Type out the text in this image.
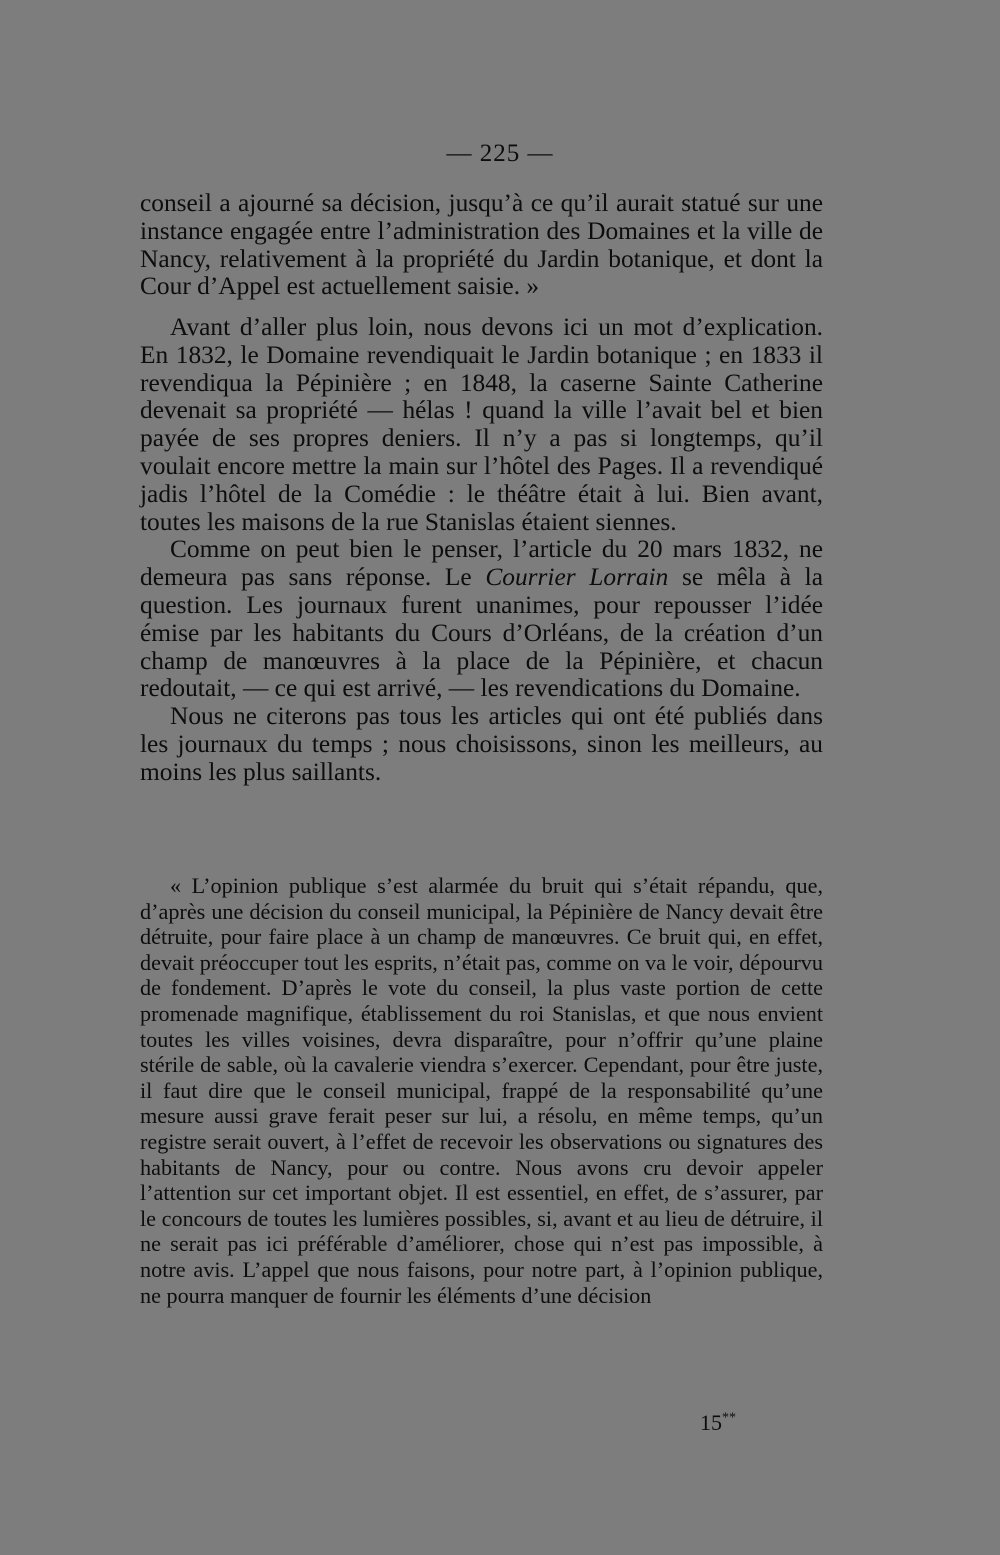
— 225 —

conseil a ajourné sa décision, jusqu’à ce qu’il aurait statué sur une instance engagée entre l’administration des Domaines et la ville de Nancy, relativement à la propriété du Jardin botanique, et dont la Cour d’Appel est actuellement saisie. »

Avant d’aller plus loin, nous devons ici un mot d’explication. En 1832, le Domaine revendiquait le Jardin botanique ; en 1833 il revendiqua la Pépinière ; en 1848, la caserne Sainte Catherine devenait sa propriété — hélas ! quand la ville l’avait bel et bien payée de ses propres deniers. Il n’y a pas si longtemps, qu’il voulait encore mettre la main sur l’hôtel des Pages. Il a revendiqué jadis l’hôtel de la Comédie : le théâtre était à lui. Bien avant, toutes les maisons de la rue Stanislas étaient siennes.

Comme on peut bien le penser, l’article du 20 mars 1832, ne demeura pas sans réponse. Le Courrier Lorrain se mêla à la question. Les journaux furent unanimes, pour repousser l’idée émise par les habitants du Cours d’Orléans, de la création d’un champ de manœuvres à la place de la Pépinière, et chacun redoutait, — ce qui est arrivé, — les revendications du Domaine.

Nous ne citerons pas tous les articles qui ont été publiés dans les journaux du temps ; nous choisissons, sinon les meilleurs, au moins les plus saillants.

« L’opinion publique s’est alarmée du bruit qui s’était répandu, que, d’après une décision du conseil municipal, la Pépinière de Nancy devait être détruite, pour faire place à un champ de manœuvres. Ce bruit qui, en effet, devait préoccuper tout les esprits, n’était pas, comme on va le voir, dépourvu de fondement. D’après le vote du conseil, la plus vaste portion de cette promenade magnifique, établissement du roi Stanislas, et que nous envient toutes les villes voisines, devra disparaître, pour n’offrir qu’une plaine stérile de sable, où la cavalerie viendra s’exercer. Cependant, pour être juste, il faut dire que le conseil municipal, frappé de la responsabilité qu’une mesure aussi grave ferait peser sur lui, a résolu, en même temps, qu’un registre serait ouvert, à l’effet de recevoir les observations ou signatures des habitants de Nancy, pour ou contre. Nous avons cru devoir appeler l’attention sur cet important objet. Il est essentiel, en effet, de s’assurer, par le concours de toutes les lumières possibles, si, avant et au lieu de détruire, il ne serait pas ici préférable d’améliorer, chose qui n’est pas impossible, à notre avis. L’appel que nous faisons, pour notre part, à l’opinion publique, ne pourra manquer de fournir les éléments d’une décision

15**
